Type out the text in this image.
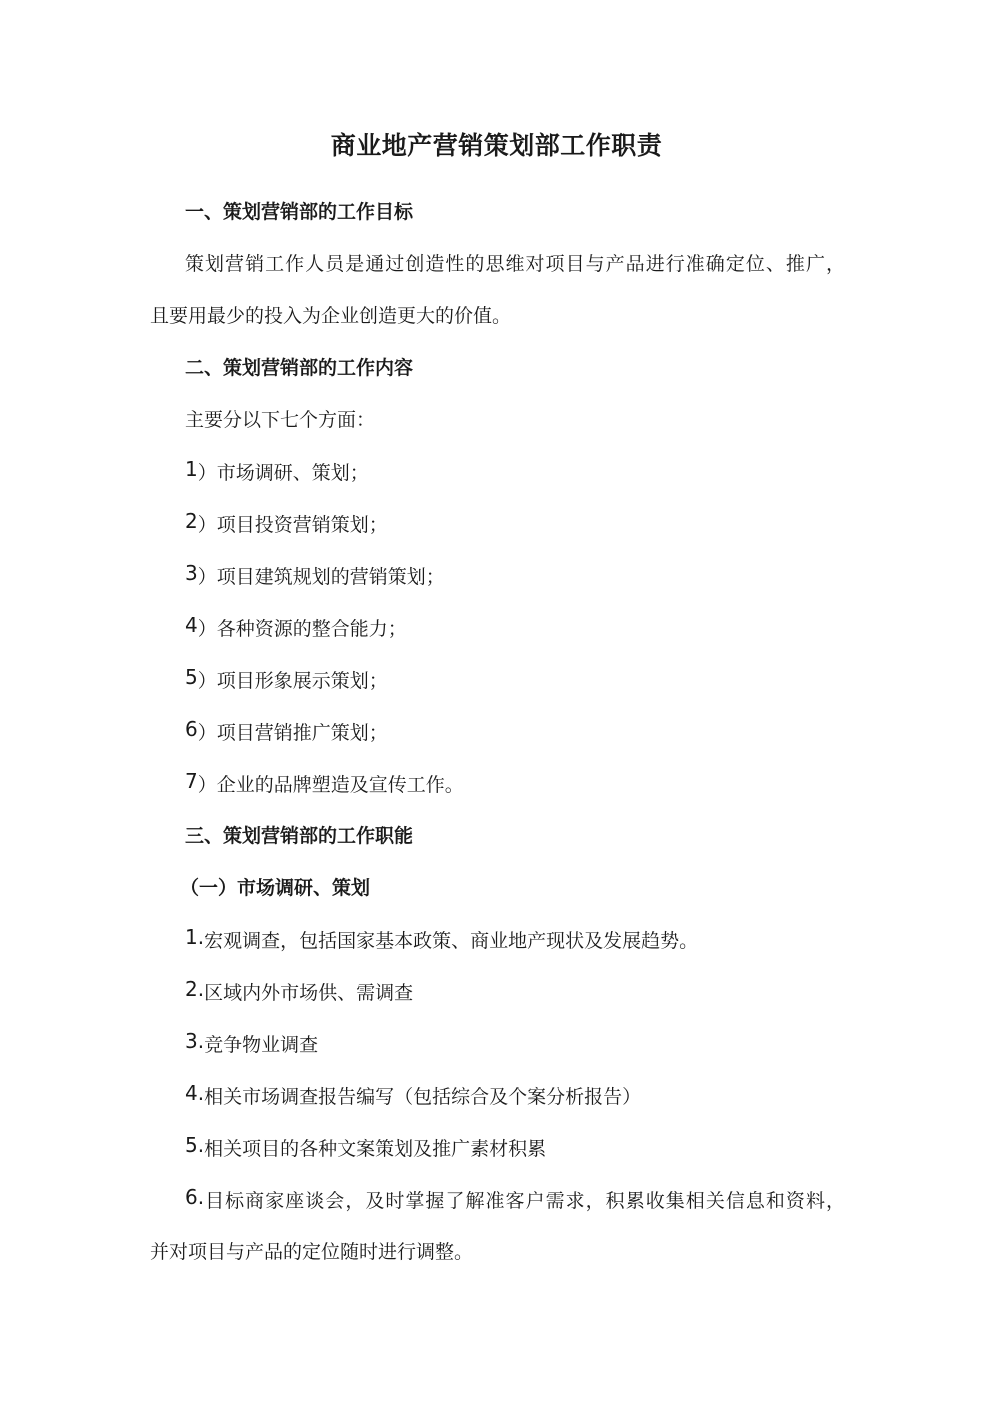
商业地产营销策划部工作职责
一、策划营销部的工作目标
策划营销工作人员是通过创造性的思维对项目与产品进行准确定位、推广，
且要用最少的投入为企业创造更大的价值。
二、策划营销部的工作内容
主要分以下七个方面：
1）市场调研、策划；
2）项目投资营销策划；
3）项目建筑规划的营销策划；
4）各种资源的整合能力；
5）项目形象展示策划；
6）项目营销推广策划；
7）企业的品牌塑造及宣传工作。
三、策划营销部的工作职能
（一）市场调研、策划
1.宏观调查，包括国家基本政策、商业地产现状及发展趋势。
2.区域内外市场供、需调查
3.竞争物业调查
4.相关市场调查报告编写（包括综合及个案分析报告）
5.相关项目的各种文案策划及推广素材积累
6.目标商家座谈会，及时掌握了解准客户需求，积累收集相关信息和资料，
并对项目与产品的定位随时进行调整。
